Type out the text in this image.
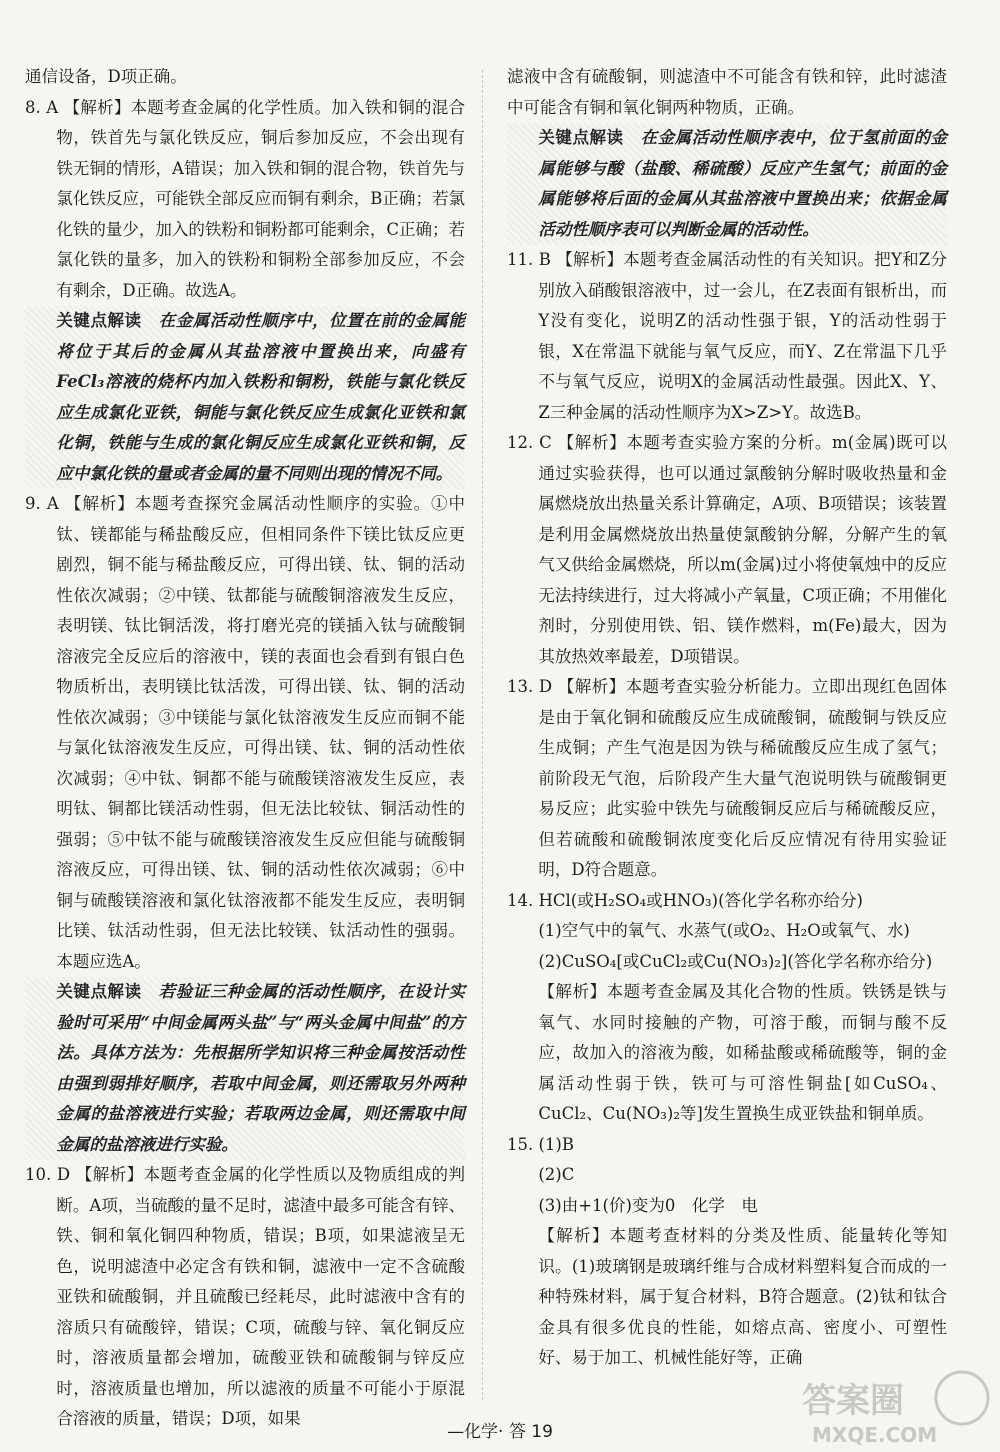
通信设备，D项正确。

8. A 【解析】本题考查金属的化学性质。加入铁和铜的混合物，铁首先与氯化铁反应，铜后参加反应，不会出现有铁无铜的情形，A错误；加入铁和铜的混合物，铁首先与氯化铁反应，可能铁全部反应而铜有剩余，B正确；若氯化铁的量少，加入的铁粉和铜粉都可能剩余，C正确；若氯化铁的量多，加入的铁粉和铜粉全部参加反应，不会有剩余，D正确。故选A。

关键点解读　 在金属活动性顺序中，位置在前的金属能将位于其后的金属从其盐溶液中置换出来，向盛有FeCl₃溶液的烧杯内加入铁粉和铜粉，铁能与氯化铁反应生成氯化亚铁，铜能与氯化铁反应生成氯化亚铁和氯化铜，铁能与生成的氯化铜反应生成氯化亚铁和铜，反应中氯化铁的量或者金属的量不同则出现的情况不同。

9. A 【解析】本题考查探究金属活动性顺序的实验。①中钛、镁都能与稀盐酸反应，但相同条件下镁比钛反应更剧烈，铜不能与稀盐酸反应，可得出镁、钛、铜的活动性依次减弱；②中镁、钛都能与硫酸铜溶液发生反应，表明镁、钛比铜活泼，将打磨光亮的镁插入钛与硫酸铜溶液完全反应后的溶液中，镁的表面也会看到有银白色物质析出，表明镁比钛活泼，可得出镁、钛、铜的活动性依次减弱；③中镁能与氯化钛溶液发生反应而铜不能与氯化钛溶液发生反应，可得出镁、钛、铜的活动性依次减弱；④中钛、铜都不能与硫酸镁溶液发生反应，表明钛、铜都比镁活动性弱，但无法比较钛、铜活动性的强弱；⑤中钛不能与硫酸镁溶液发生反应但能与硫酸铜溶液反应，可得出镁、钛、铜的活动性依次减弱；⑥中铜与硫酸镁溶液和氯化钛溶液都不能发生反应，表明铜比镁、钛活动性弱，但无法比较镁、钛活动性的强弱。本题应选A。

关键点解读　 若验证三种金属的活动性顺序，在设计实验时可采用“中间金属两头盐”与“两头金属中间盐”的方法。具体方法为：先根据所学知识将三种金属按活动性由强到弱排好顺序，若取中间金属，则还需取另外两种金属的盐溶液进行实验；若取两边金属，则还需取中间金属的盐溶液进行实验。

10. D 【解析】本题考查金属的化学性质以及物质组成的判断。A项，当硫酸的量不足时，滤渣中最多可能含有锌、铁、铜和氧化铜四种物质，错误；B项，如果滤液呈无色，说明滤渣中必定含有铁和铜，滤液中一定不含硫酸亚铁和硫酸铜，并且硫酸已经耗尽，此时滤液中含有的溶质只有硫酸锌，错误；C项，硫酸与锌、氧化铜反应时，溶液质量都会增加，硫酸亚铁和硫酸铜与锌反应时，溶液质量也增加，所以滤液的质量不可能小于原混合溶液的质量，错误；D项，如果

滤液中含有硫酸铜，则滤渣中不可能含有铁和锌，此时滤渣中可能含有铜和氧化铜两种物质，正确。

关键点解读　 在金属活动性顺序表中，位于氢前面的金属能够与酸（盐酸、稀硫酸）反应产生氢气；前面的金属能够将后面的金属从其盐溶液中置换出来；依据金属活动性顺序表可以判断金属的活动性。

11. B 【解析】本题考查金属活动性的有关知识。把Y和Z分别放入硝酸银溶液中，过一会儿，在Z表面有银析出，而Y没有变化，说明Z的活动性强于银，Y的活动性弱于银，X在常温下就能与氧气反应，而Y、Z在常温下几乎不与氧气反应，说明X的金属活动性最强。因此X、Y、Z三种金属的活动性顺序为X>Z>Y。故选B。

12. C 【解析】本题考查实验方案的分析。m(金属)既可以通过实验获得，也可以通过氯酸钠分解时吸收热量和金属燃烧放出热量关系计算确定，A项、B项错误；该装置是利用金属燃烧放出热量使氯酸钠分解，分解产生的氧气又供给金属燃烧，所以m(金属)过小将使氧烛中的反应无法持续进行，过大将减小产氧量，C项正确；不用催化剂时，分别使用铁、铝、镁作燃料，m(Fe)最大，因为其放热效率最差，D项错误。

13. D 【解析】本题考查实验分析能力。立即出现红色固体是由于氧化铜和硫酸反应生成硫酸铜，硫酸铜与铁反应生成铜；产生气泡是因为铁与稀硫酸反应生成了氢气；前阶段无气泡，后阶段产生大量气泡说明铁与硫酸铜更易反应；此实验中铁先与硫酸铜反应后与稀硫酸反应，但若硫酸和硫酸铜浓度变化后反应情况有待用实验证明，D符合题意。

14. HCl(或H₂SO₄或HNO₃)(答化学名称亦给分)

(1)空气中的氧气、水蒸气(或O₂、H₂O或氧气、水)

(2)CuSO₄[或CuCl₂或Cu(NO₃)₂](答化学名称亦给分)

【解析】本题考查金属及其化合物的性质。铁锈是铁与氧气、水同时接触的产物，可溶于酸，而铜与酸不反应，故加入的溶液为酸，如稀盐酸或稀硫酸等，铜的金属活动性弱于铁，铁可与可溶性铜盐[如CuSO₄、CuCl₂、Cu(NO₃)₂等]发生置换生成亚铁盐和铜单质。

15. (1)B

(2)C

(3)由+1(价)变为0　化学　电

【解析】本题考查材料的分类及性质、能量转化等知识。(1)玻璃钢是玻璃纤维与合成材料塑料复合而成的一种特殊材料，属于复合材料，B符合题意。(2)钛和钛合金具有很多优良的性能，如熔点高、密度小、可塑性好、易于加工、机械性能好等，正确

答案圈
MXQE.COM
—化学· 答 19
